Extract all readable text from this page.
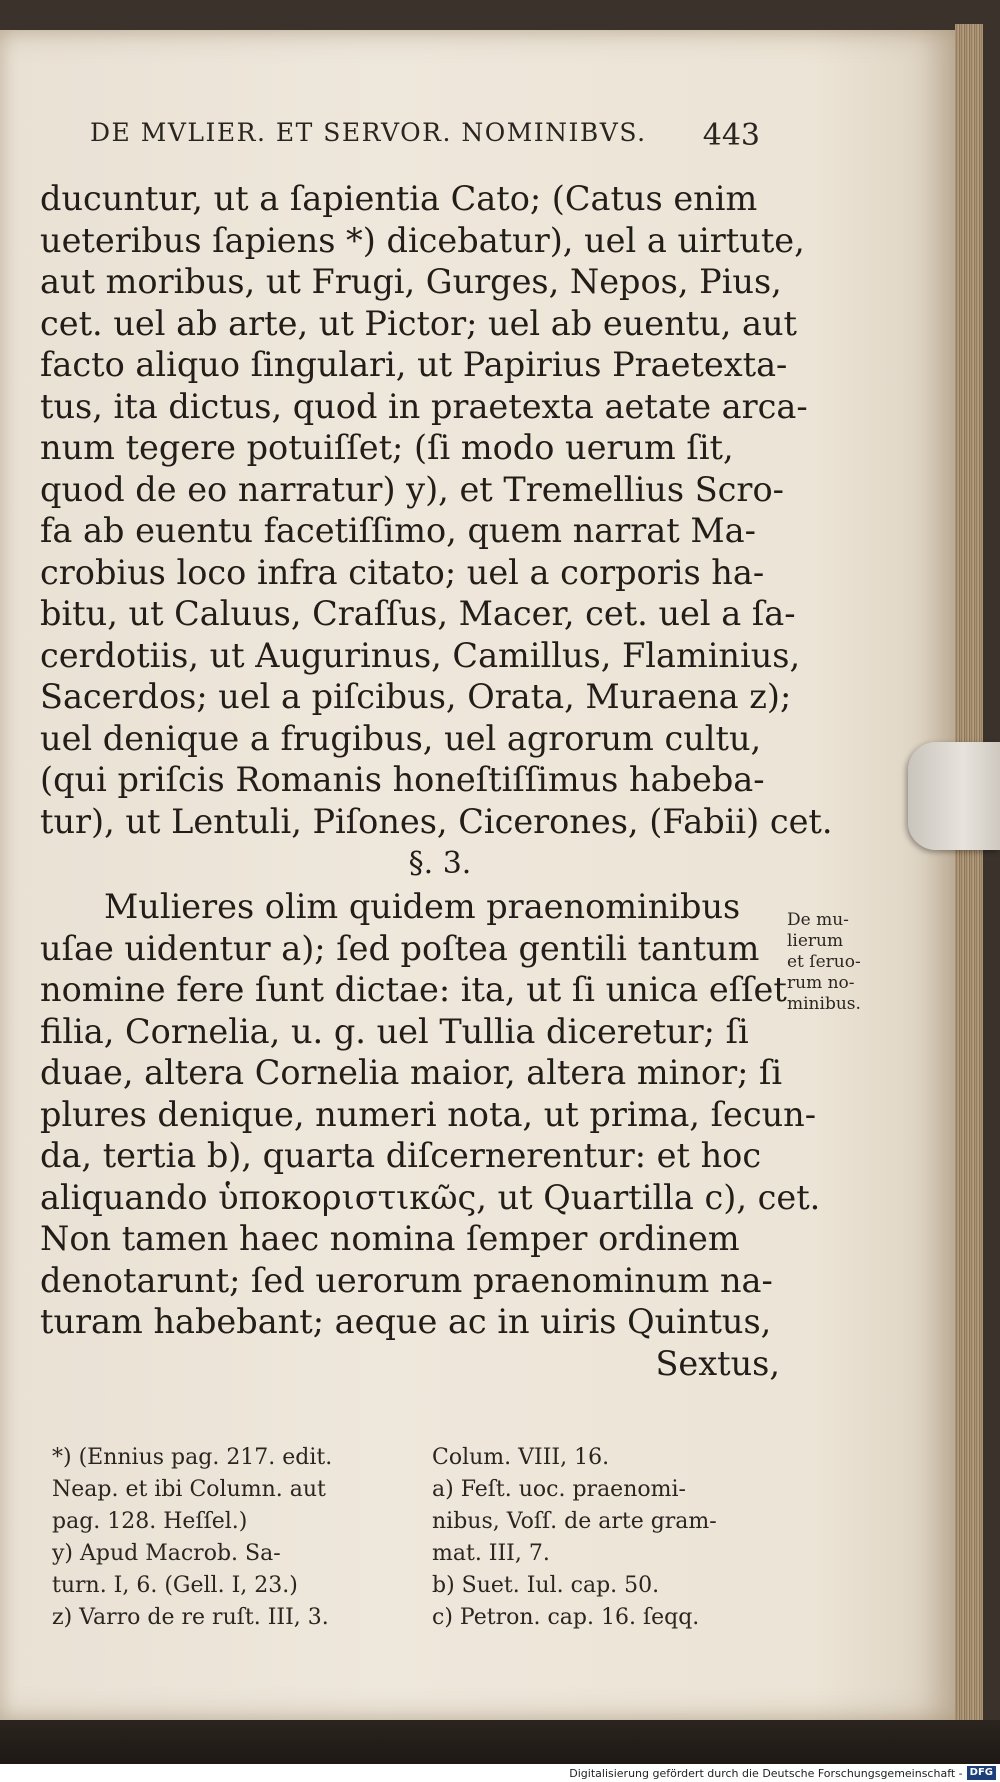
DE MVLIER. ET SERVOR. NOMINIBVS. 443
ducuntur, ut a ſapientia Cato; (Catus enim
ueteribus ſapiens *) dicebatur), uel a uirtute,
aut moribus, ut Frugi, Gurges, Nepos, Pius,
cet. uel ab arte, ut Pictor; uel ab euentu, aut
facto aliquo ſingulari, ut Papirius Praetexta-
tus, ita dictus, quod in praetexta aetate arca-
num tegere potuiſſet; (ſi modo uerum ſit,
quod de eo narratur) y), et Tremellius Scro-
fa ab euentu facetiſſimo, quem narrat Ma-
crobius loco infra citato; uel a corporis ha-
bitu, ut Caluus, Craſſus, Macer, cet. uel a ſa-
cerdotiis, ut Augurinus, Camillus, Flaminius,
Sacerdos; uel a piſcibus, Orata, Muraena z);
uel denique a frugibus, uel agrorum cultu,
(qui priſcis Romanis honeſtiſſimus habeba-
tur), ut Lentuli, Piſones, Cicerones, (Fabii) cet.
§. 3.
Mulieres olim quidem praenominibus
uſae uidentur a); ſed poſtea gentili tantum
nomine fere ſunt dictae: ita, ut ſi unica eſſet
filia, Cornelia, u. g. uel Tullia diceretur; ſi
duae, altera Cornelia maior, altera minor; ſi
plures denique, numeri nota, ut prima, ſecun-
da, tertia b), quarta diſcernerentur: et hoc
aliquando ὑποκοριστικῶς, ut Quartilla c), cet.
Non tamen haec nomina ſemper ordinem
denotarunt; ſed uerorum praenominum na-
turam habebant; aeque ac in uiris Quintus,
Sextus,
De mu-
lierum
et ſeruo-
rum no-
minibus.
*) (Ennius pag. 217. edit.
Neap. et ibi Column. aut
pag. 128. Heſſel.)
y) Apud Macrob. Sa-
turn. I, 6. (Gell. I, 23.)
z) Varro de re ruſt. III, 3.
Colum. VIII, 16.
a) Feſt. uoc. praenomi-
nibus, Voſſ. de arte gram-
mat. III, 7.
b) Suet. Iul. cap. 50.
c) Petron. cap. 16. ſeqq.
Digitalisierung gefördert durch die Deutsche Forschungsgemeinschaft - DFG
